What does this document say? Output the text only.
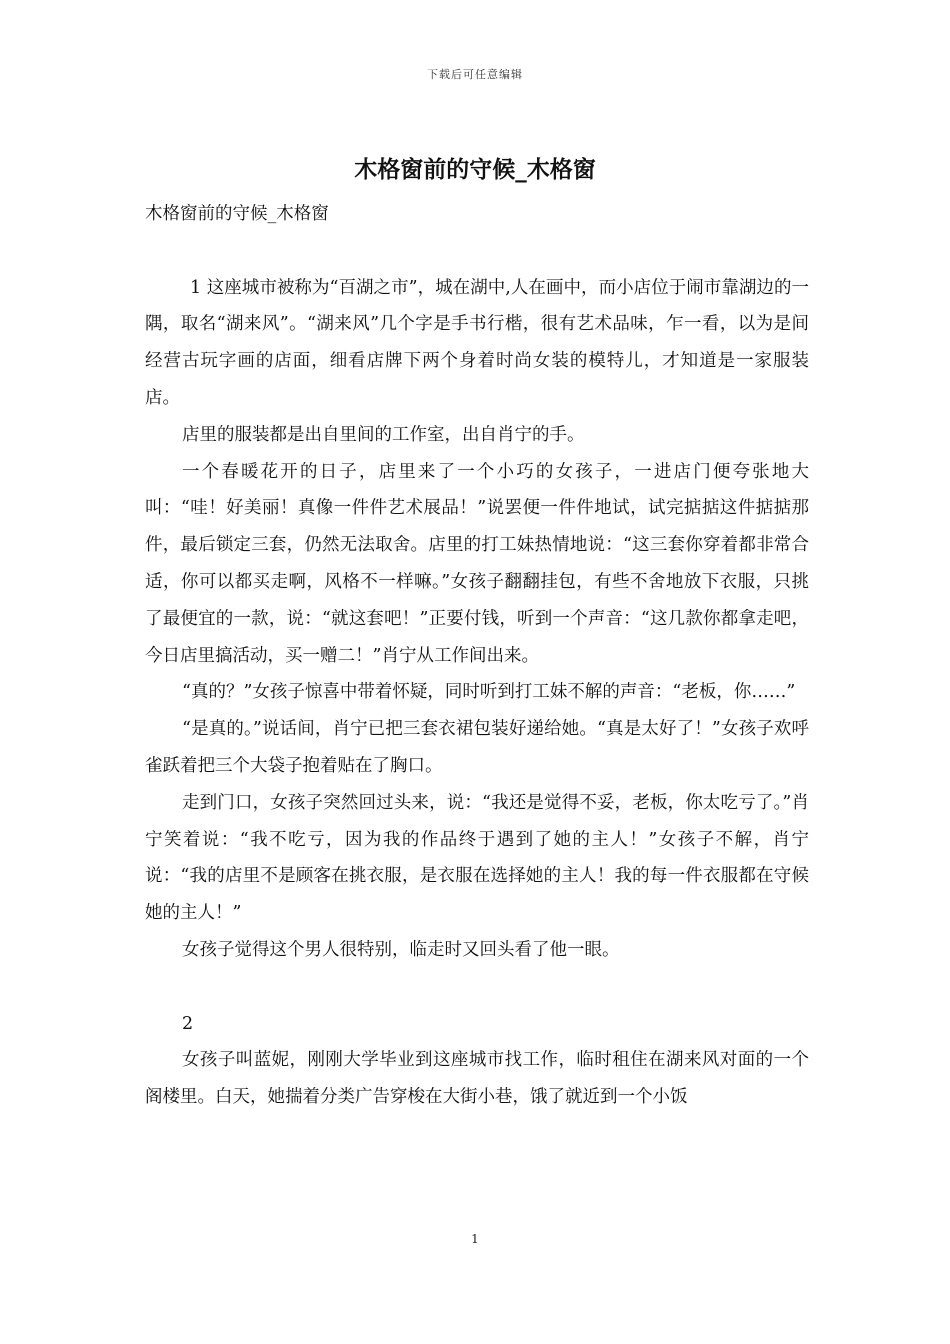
下载后可任意编辑
木格窗前的守候_木格窗

木格窗前的守候_木格窗

1 这座城市被称为“百湖之市”，城在湖中,人在画中，而小店位于闹市靠湖边的一隅，取名“湖来风”。“湖来风”几个字是手书行楷，很有艺术品味，乍一看，以为是间经营古玩字画的店面，细看店牌下两个身着时尚女装的模特儿，才知道是一家服装店。

店里的服装都是出自里间的工作室，出自肖宁的手。

一个春暖花开的日子，店里来了一个小巧的女孩子，一进店门便夸张地大叫：“哇！好美丽！真像一件件艺术展品！”说罢便一件件地试，试完掂掂这件掂掂那件，最后锁定三套，仍然无法取舍。店里的打工妹热情地说：“这三套你穿着都非常合适，你可以都买走啊，风格不一样嘛。”女孩子翻翻挂包，有些不舍地放下衣服，只挑了最便宜的一款，说：“就这套吧！”正要付钱，听到一个声音：“这几款你都拿走吧，今日店里搞活动，买一赠二！”肖宁从工作间出来。

“真的？”女孩子惊喜中带着怀疑，同时听到打工妹不解的声音：“老板，你……”

“是真的。”说话间，肖宁已把三套衣裙包装好递给她。“真是太好了！”女孩子欢呼雀跃着把三个大袋子抱着贴在了胸口。

走到门口，女孩子突然回过头来，说：“我还是觉得不妥，老板，你太吃亏了。”肖宁笑着说：“我不吃亏，因为我的作品终于遇到了她的主人！”女孩子不解，肖宁说：“我的店里不是顾客在挑衣服，是衣服在选择她的主人！我的每一件衣服都在守候她的主人！”

女孩子觉得这个男人很特别，临走时又回头看了他一眼。

2

女孩子叫蓝妮，刚刚大学毕业到这座城市找工作，临时租住在湖来风对面的一个阁楼里。白天，她揣着分类广告穿梭在大街小巷，饿了就近到一个小饭

1
